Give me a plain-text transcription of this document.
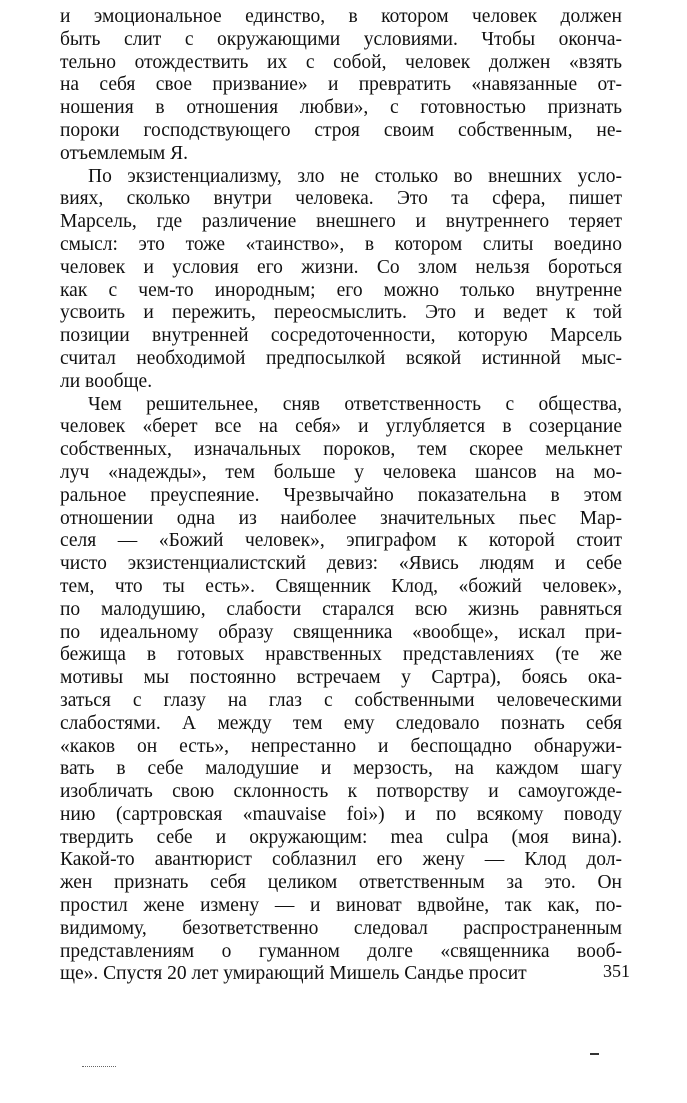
и эмоциональное единство, в котором человек должен
быть слит с окружающими условиями. Чтобы оконча-
тельно отождествить их с собой, человек должен «взять
на себя свое призвание» и превратить «навязанные от-
ношения в отношения любви», с готовностью признать
пороки господствующего строя своим собственным, не-
отъемлемым Я.
По экзистенциализму, зло не столько во внешних усло-
виях, сколько внутри человека. Это та сфера, пишет
Марсель, где различение внешнего и внутреннего теряет
смысл: это тоже «таинство», в котором слиты воедино
человек и условия его жизни. Со злом нельзя бороться
как с чем-то инородным; его можно только внутренне
усвоить и пережить, переосмыслить. Это и ведет к той
позиции внутренней сосредоточенности, которую Марсель
считал необходимой предпосылкой всякой истинной мыс-
ли вообще.
Чем решительнее, сняв ответственность с общества,
человек «берет все на себя» и углубляется в созерцание
собственных, изначальных пороков, тем скорее мелькнет
луч «надежды», тем больше у человека шансов на мо-
ральное преуспеяние. Чрезвычайно показательна в этом
отношении одна из наиболее значительных пьес Мар-
селя — «Божий человек», эпиграфом к которой стоит
чисто экзистенциалистский девиз: «Явись людям и себе
тем, что ты есть». Священник Клод, «божий человек»,
по малодушию, слабости старался всю жизнь равняться
по идеальному образу священника «вообще», искал при-
бежища в готовых нравственных представлениях (те же
мотивы мы постоянно встречаем у Сартра), боясь ока-
заться с глазу на глаз с собственными человеческими
слабостями. А между тем ему следовало познать себя
«каков он есть», непрестанно и беспощадно обнаружи-
вать в себе малодушие и мерзость, на каждом шагу
изобличать свою склонность к потворству и самоугожде-
нию (сартровская «mauvaise foi») и по всякому поводу
твердить себе и окружающим: mea culpa (моя вина).
Какой-то авантюрист соблазнил его жену — Клод дол-
жен признать себя целиком ответственным за это. Он
простил жене измену — и виноват вдвойне, так как, по-
видимому, безответственно следовал распространенным
представлениям о гуманном долге «священника вооб-
ще». Спустя 20 лет умирающий Мишель Сандье просит	351
